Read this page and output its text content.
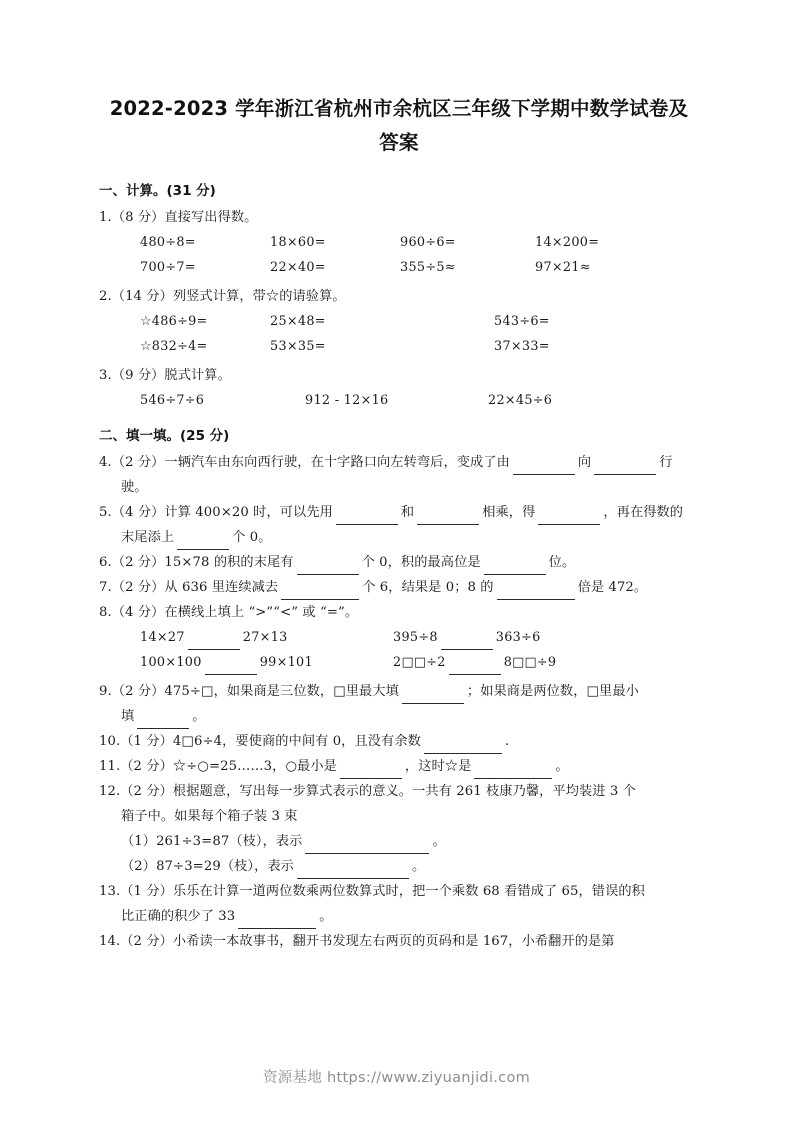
2022-2023 学年浙江省杭州市余杭区三年级下学期中数学试卷及答案
一、计算。(31 分)
1.（8 分）直接写出得数。
480÷8=	18×60=	960÷6=	14×200=
700÷7=	22×40=	355÷5≈	97×21≈
2.（14 分）列竖式计算，带☆的请验算。
☆486÷9=	25×48=	543÷6=
☆832÷4=	53×35=	37×33=
3.（9 分）脱式计算。
546÷7÷6	912 - 12×16	22×45÷6
二、填一填。(25 分)
4.（2 分）一辆汽车由东向西行驶，在十字路口向左转弯后，变成了由	向	行
驶。
5.（4 分）计算 400×20 时，可以先用	和	相乘，得	，再在得数的
末尾添上	个 0。
6.（2 分）15×78 的积的末尾有	个 0，积的最高位是	位。
7.（2 分）从 636 里连续减去	个 6，结果是 0；8 的	倍是 472。
8.（4 分）在横线上填上 “>”“<” 或 “=”。
14×27	27×13	395÷8	363÷6
100×100	99×101	2□□÷2	8□□÷9
9.（2 分）475÷□，如果商是三位数，□里最大填	；如果商是两位数，□里最小
填	。
10.（1 分）4□6÷4，要使商的中间有 0，且没有余数	.
11.（2 分）☆÷○=25……3，○最小是	，这时☆是	。
12.（2 分）根据题意，写出每一步算式表示的意义。一共有 261 枝康乃馨，平均装进 3 个
箱子中。如果每个箱子装 3 束
（1）261÷3=87（枝），表示	。
（2）87÷3=29（枝），表示	。
13.（1 分）乐乐在计算一道两位数乘两位数算式时，把一个乘数 68 看错成了 65，错误的积
比正确的积少了 33	。
14.（2 分）小希读一本故事书，翻开书发现左右两页的页码和是 167，小希翻开的是第
资源基地 https://www.ziyuanjidi.com
